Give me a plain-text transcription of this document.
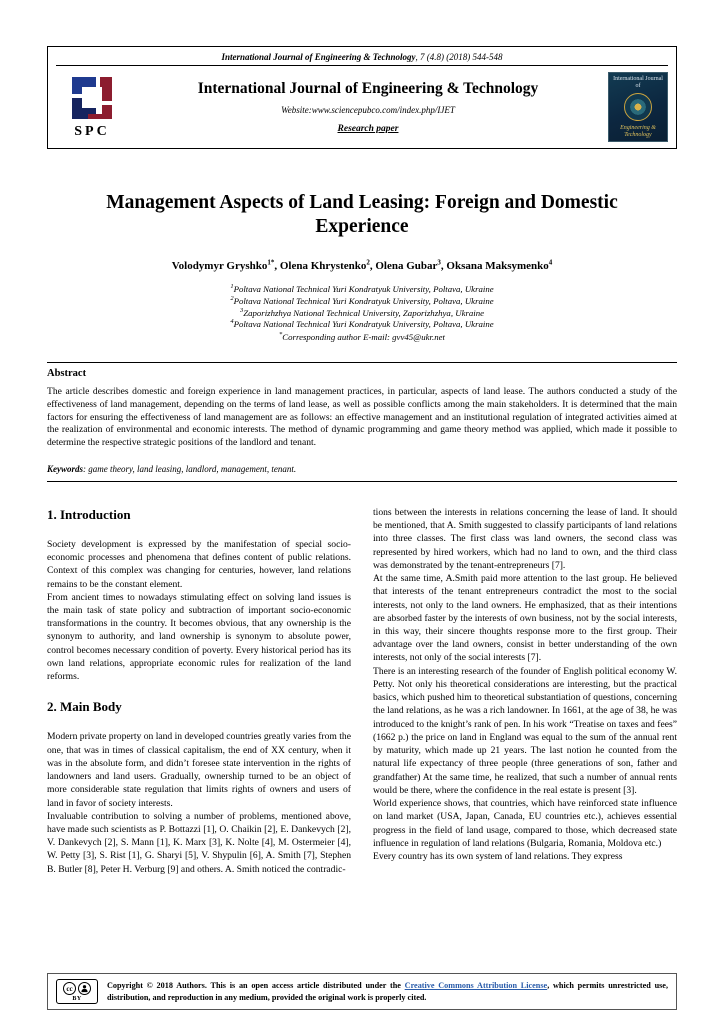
International Journal of Engineering & Technology, 7 (4.8) (2018) 544-548
SPC
International Journal of Engineering & Technology
Website:www.sciencepubco.com/index.php/IJET
Research paper
International Journal of
Engineering & Technology
Management Aspects of Land Leasing: Foreign and Domestic Experience
Volodymyr Gryshko$^{1*}$, Olena Khrystenko$^2$, Olena Gubar$^3$, Oksana Maksymenko$^4$
$^1$Poltava National Technical Yuri Kondratyuk University, Poltava, Ukraine
$^2$Poltava National Technical Yuri Kondratyuk University, Poltava, Ukraine
$^3$Zaporizhzhya National Technical University, Zaporizhzhya, Ukraine
$^4$Poltava National Technical Yuri Kondratyuk University, Poltava, Ukraine
*Corresponding author E-mail: gvv45@ukr.net
Abstract

The article describes domestic and foreign experience in land management practices, in particular, aspects of land lease. The authors conducted a study of the effectiveness of land management, depending on the terms of land lease, as well as possible conflicts among the main stakeholders. It is determined that the main factors for ensuring the effectiveness of land management are as follows: an effective management and an institutional regulation of integrated activities aimed at the realization of environmental and economic interests. The method of dynamic programming and game theory method was applied, which made it possible to determine the respective strategic positions of the landlord and tenant.

Keywords: game theory, land leasing, landlord, management, tenant.

1. Introduction

Society development is expressed by the manifestation of special socio-economic processes and phenomena that defines content of public relations. Context of this complex was changing for centuries, however, land relations remains to be the constant element.

From ancient times to nowadays stimulating effect on solving land issues is the main task of state policy and subtraction of important socio-economic transformations in the country. It becomes obvious, that any ownership is the synonym to authority, and land ownership is synonym to absolute power, control becomes necessary condition of poverty. Every historical period has its own land relations, appropriate economic rules for realization of the land reforms.

2. Main Body

Modern private property on land in developed countries greatly varies from the one, that was in times of classical capitalism, the end of XX century, when it was in the absolute form, and didn’t foresee state intervention in the rights of landowners and land users. Gradually, ownership turned to be an object of more considerable state regulation that limits rights of owners and users of land in favor of society interests.

Invaluable contribution to solving a number of problems, mentioned above, have made such scientists as P. Bottazzi [1], O. Chaikin [2], E. Dankevych [2], V. Dankevych [2], S. Mann [1], K. Marx [3], K. Nolte [4], M. Ostermeier [4], W. Petty [3], S. Rist [1], G. Sharyi [5], V. Shypulin [6], A. Smith [7], Stephen B. Butler [8], Peter H. Verburg [9] and others. A. Smith noticed the contradic-

tions between the interests in relations concerning the lease of land. It should be mentioned, that A. Smith suggested to classify participants of land relations into three classes. The first class was land owners, the second class was represented by hired workers, which had no land to own, and the third class was demonstrated by the tenant-entrepreneurs [7].

At the same time, A.Smith paid more attention to the last group. He believed that interests of the tenant entrepreneurs contradict the most to the social interests, not only to the land owners. He emphasized, that as their intentions are absorbed faster by the interests of own business, not by the social interests, in this way, their sincere thoughts response more to the first group. Their advantage over the land owners, consist in better understanding of the own interests, not only of the social interests [7].

There is an interesting research of the founder of English political economy W. Petty. Not only his theoretical considerations are interesting, but the practical basics, which pushed him to theoretical substantiation of questions, concerning the land relations, as he was a rich landowner. In 1661, at the age of 38, he was introduced to the knight’s rank of pen. In his work “Treatise on taxes and fees” (1662 p.) the price on land in England was equal to the sum of the annual rent by maturity, which made up 21 years. The last notion he counted from the natural life expectancy of three people (three generations of son, father and grandfather) At the same time, he realized, that such a number of annual rents would be there, where the confidence in the real estate is present [3].

World experience shows, that countries, which have reinforced state influence on land market (USA, Japan, Canada, EU countries etc.), achieves essential progress in the field of land usage, compared to those, which decreased state influence in regulation of land relations (Bulgaria, Romania, Moldova etc.)

Every country has its own system of land relations. They express

cc
BY

Copyright © 2018 Authors. This is an open access article distributed under the Creative Commons Attribution License, which permits unrestricted use, distribution, and reproduction in any medium, provided the original work is properly cited.
